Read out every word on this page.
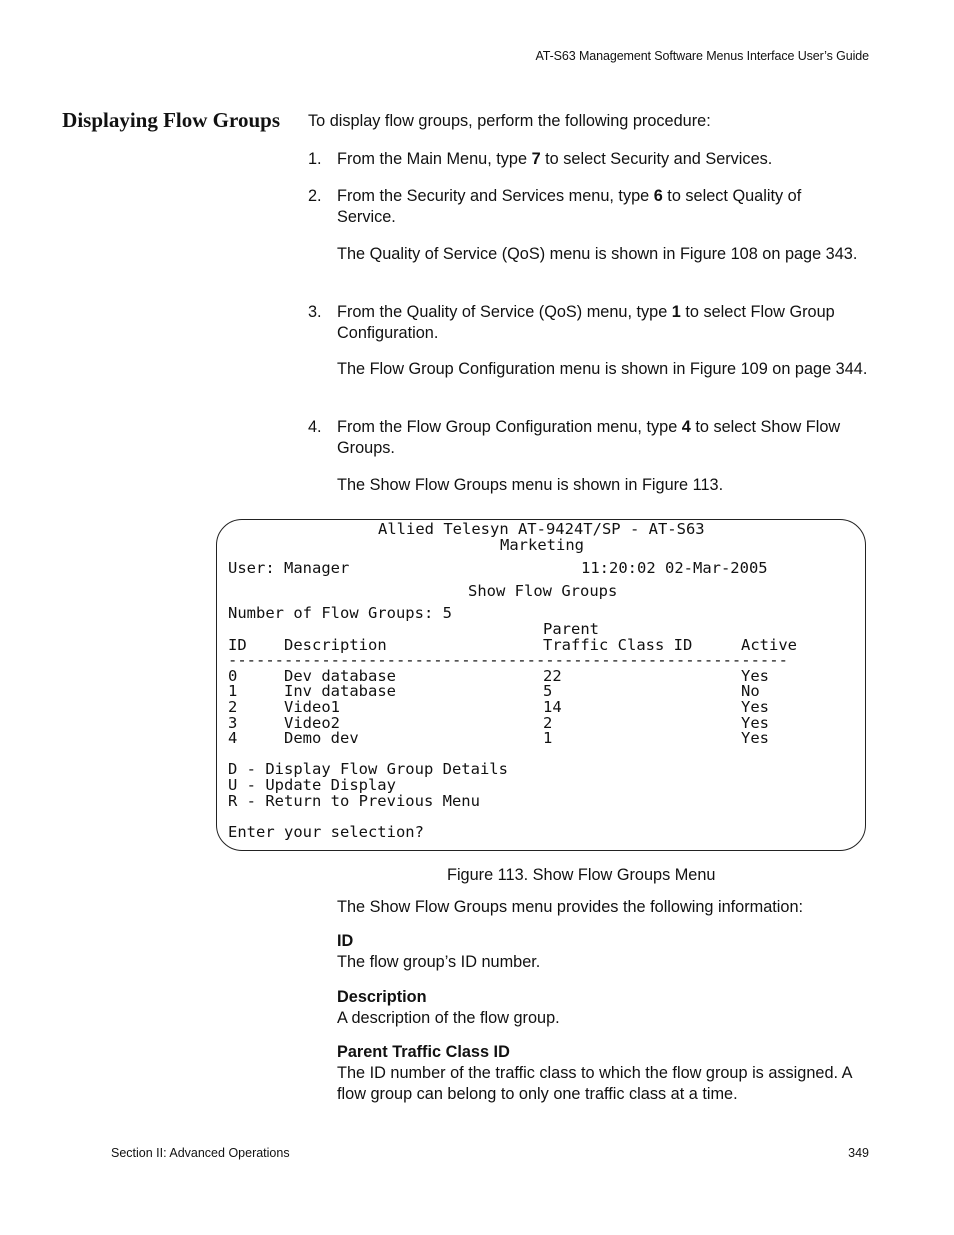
AT-S63 Management Software Menus Interface User’s Guide
Displaying Flow Groups To display flow groups, perform the following procedure:

1. From the Main Menu, type 7 to select Security and Services.

2. From the Security and Services menu, type 6 to select Quality of Service.

The Quality of Service (QoS) menu is shown in Figure 108 on page 343.

3. From the Quality of Service (QoS) menu, type 1 to select Flow Group Configuration.

The Flow Group Configuration menu is shown in Figure 109 on page 344.

4. From the Flow Group Configuration menu, type 4 to select Show Flow Groups.

The Show Flow Groups menu is shown in Figure 113.

Allied Telesyn AT-9424T/SP - AT-S63
Marketing
User: Manager	11:20:02 02-Mar-2005
Show Flow Groups
Number of Flow Groups: 5
Parent
ID Description	Traffic Class ID	Active
------------------------------------------------------------
0	Dev database	22	Yes
1	Inv database	5	No
2	Video1	14	Yes
3	Video2	2	Yes
4	Demo dev	1	Yes
D - Display Flow Group Details
U - Update Display
R - Return to Previous Menu
Enter your selection?
Figure 113. Show Flow Groups Menu

The Show Flow Groups menu provides the following information:

ID

The flow group’s ID number.

Description

A description of the flow group.

Parent Traffic Class ID

The ID number of the traffic class to which the flow group is assigned. A flow group can belong to only one traffic class at a time.

Section II: Advanced Operations	349
